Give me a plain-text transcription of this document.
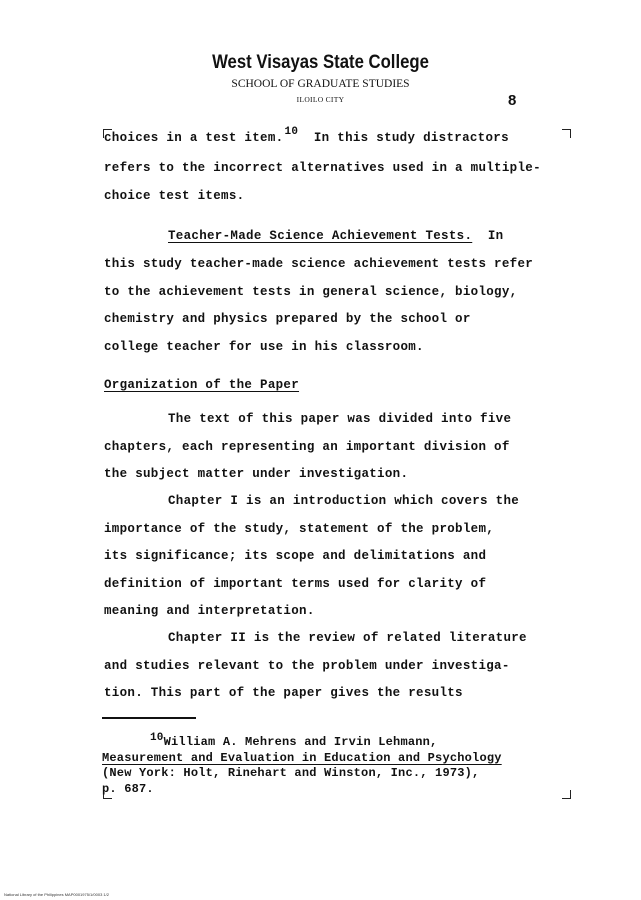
West Visayas State College
SCHOOL OF GRADUATE STUDIES
ILOILO CITY	8
choices in a test item.$^{10}$ In this study distractors
refers to the incorrect alternatives used in a multiple-
choice test items.
Teacher-Made Science Achievement Tests. In
this study teacher-made science achievement tests refer
to the achievement tests in general science, biology,
chemistry and physics prepared by the school or
college teacher for use in his classroom.
Organization of the Paper
The text of this paper was divided into five
chapters, each representing an important division of
the subject matter under investigation.
Chapter I is an introduction which covers the
importance of the study, statement of the problem,
its significance; its scope and delimitations and
definition of important terms used for clarity of
meaning and interpretation.
Chapter II is the review of related literature
and studies relevant to the problem under investiga-
tion. This part of the paper gives the results
10William A. Mehrens and Irvin Lehmann,
Measurement and Evaluation in Education and Psychology
(New York: Holt, Rinehart and Winston, Inc., 1973),
p. 687.
National Library of the Philippines MAP0001975/1/0003 1/2
